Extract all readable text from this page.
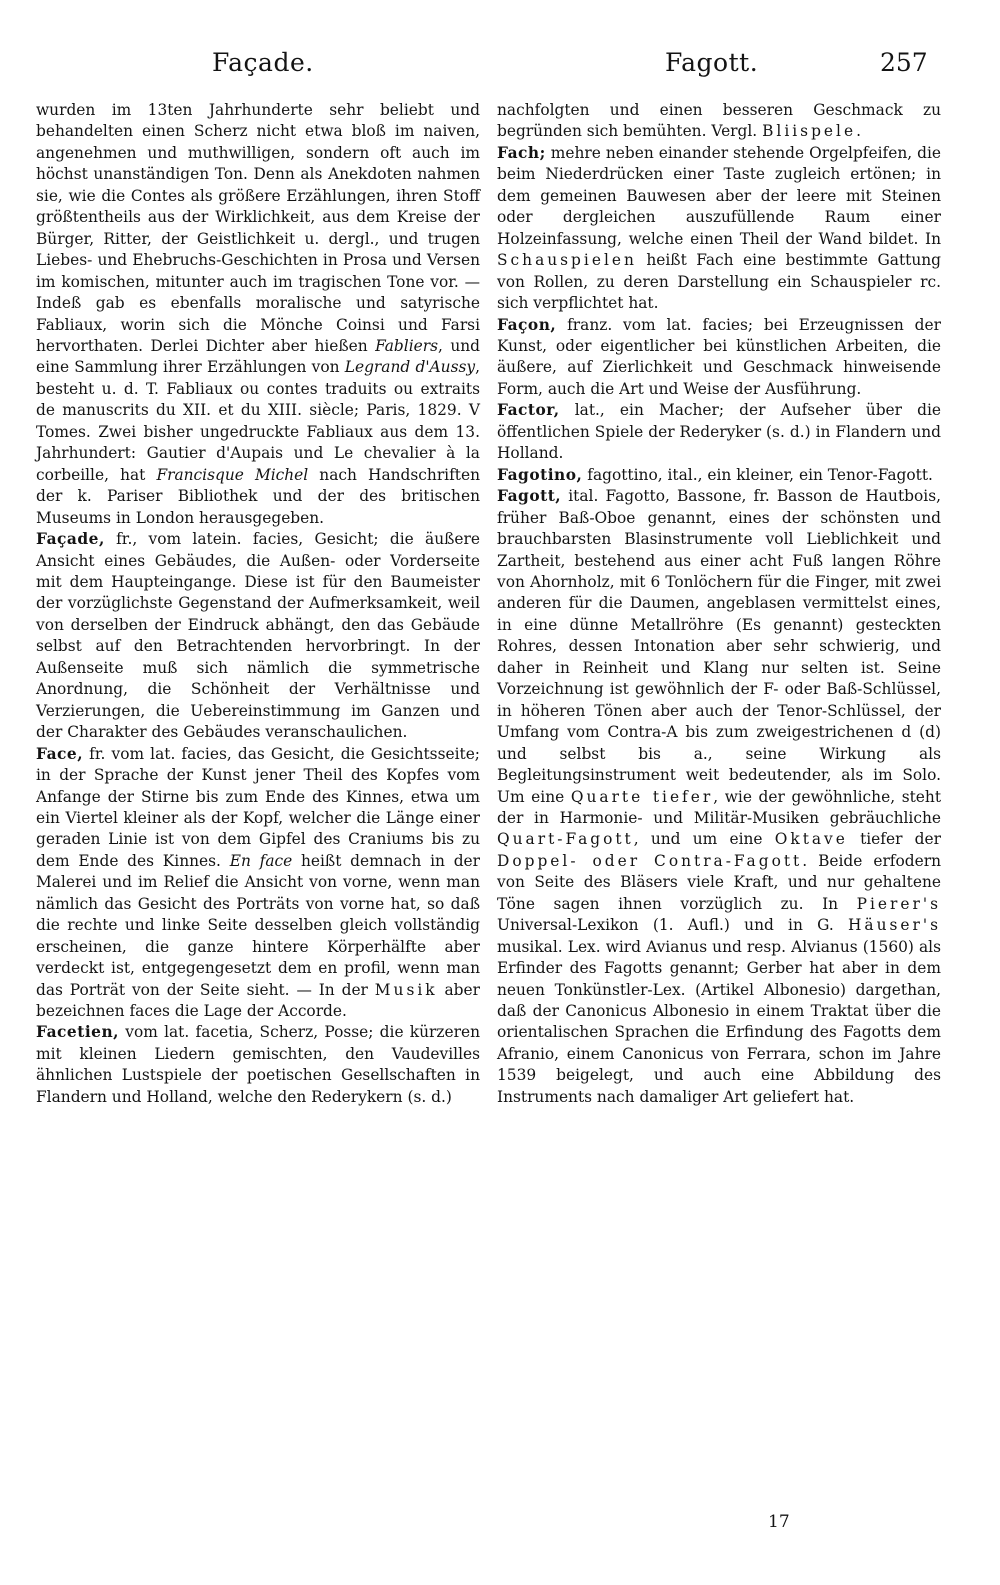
Façade.	Fagott.	257

wurden im 13ten Jahrhunderte sehr beliebt und behandelten einen Scherz nicht etwa bloß im naiven, angenehmen und muthwilligen, sondern oft auch im höchst unanständigen Ton. Denn als Anekdoten nahmen sie, wie die Contes als größere Erzählungen, ihren Stoff größtentheils aus der Wirklichkeit, aus dem Kreise der Bürger, Ritter, der Geistlichkeit u. dergl., und trugen Liebes- und Ehebruchs-Geschichten in Prosa und Versen im komischen, mitunter auch im tragischen Tone vor. — Indeß gab es ebenfalls moralische und satyrische Fabliaux, worin sich die Mönche Coinsi und Farsi hervorthaten. Derlei Dichter aber hießen Fabliers, und eine Sammlung ihrer Erzählungen von Legrand d'Aussy, besteht u. d. T. Fabliaux ou contes traduits ou extraits de manuscrits du XII. et du XIII. siècle; Paris, 1829. V Tomes. Zwei bisher ungedruckte Fabliaux aus dem 13. Jahrhundert: Gautier d'Aupais und Le chevalier à la corbeille, hat Francisque Michel nach Handschriften der k. Pariser Bibliothek und der des britischen Museums in London herausgegeben.

Façade, fr., vom latein. facies, Gesicht; die äußere Ansicht eines Gebäudes, die Außen- oder Vorderseite mit dem Haupteingange. Diese ist für den Baumeister der vorzüglichste Gegenstand der Aufmerksamkeit, weil von derselben der Eindruck abhängt, den das Gebäude selbst auf den Betrachtenden hervorbringt. In der Außenseite muß sich nämlich die symmetrische Anordnung, die Schönheit der Verhältnisse und Verzierungen, die Uebereinstimmung im Ganzen und der Charakter des Gebäudes veranschaulichen.

Face, fr. vom lat. facies, das Gesicht, die Gesichtsseite; in der Sprache der Kunst jener Theil des Kopfes vom Anfange der Stirne bis zum Ende des Kinnes, etwa um ein Viertel kleiner als der Kopf, welcher die Länge einer geraden Linie ist von dem Gipfel des Craniums bis zu dem Ende des Kinnes. En face heißt demnach in der Malerei und im Relief die Ansicht von vorne, wenn man nämlich das Gesicht des Porträts von vorne hat, so daß die rechte und linke Seite desselben gleich vollständig erscheinen, die ganze hintere Körperhälfte aber verdeckt ist, entgegengesetzt dem en profil, wenn man das Porträt von der Seite sieht. — In der Musik aber bezeichnen faces die Lage der Accorde.

Facetien, vom lat. facetia, Scherz, Posse; die kürzeren mit kleinen Liedern gemischten, den Vaudevilles ähnlichen Lustspiele der poetischen Gesellschaften in Flandern und Holland, welche den Rederykern (s. d.)

nachfolgten und einen besseren Geschmack zu begründen sich bemühten. Vergl. Bliispele.

Fach; mehre neben einander stehende Orgelpfeifen, die beim Niederdrücken einer Taste zugleich ertönen; in dem gemeinen Bauwesen aber der leere mit Steinen oder dergleichen auszufüllende Raum einer Holzeinfassung, welche einen Theil der Wand bildet. In Schauspielen heißt Fach eine bestimmte Gattung von Rollen, zu deren Darstellung ein Schauspieler rc. sich verpflichtet hat.

Façon, franz. vom lat. facies; bei Erzeugnissen der Kunst, oder eigentlicher bei künstlichen Arbeiten, die äußere, auf Zierlichkeit und Geschmack hinweisende Form, auch die Art und Weise der Ausführung.

Factor, lat., ein Macher; der Aufseher über die öffentlichen Spiele der Rederyker (s. d.) in Flandern und Holland.

Fagotino, fagottino, ital., ein kleiner, ein Tenor-Fagott.

Fagott, ital. Fagotto, Bassone, fr. Basson de Hautbois, früher Baß-Oboe genannt, eines der schönsten und brauchbarsten Blasinstrumente voll Lieblichkeit und Zartheit, bestehend aus einer acht Fuß langen Röhre von Ahornholz, mit 6 Tonlöchern für die Finger, mit zwei anderen für die Daumen, angeblasen vermittelst eines, in eine dünne Metallröhre (Es genannt) gesteckten Rohres, dessen Intonation aber sehr schwierig, und daher in Reinheit und Klang nur selten ist. Seine Vorzeichnung ist gewöhnlich der F- oder Baß-Schlüssel, in höheren Tönen aber auch der Tenor-Schlüssel, der Umfang vom Contra-A bis zum zweigestrichenen d (d) und selbst bis a., seine Wirkung als Begleitungsinstrument weit bedeutender, als im Solo. Um eine Quarte tiefer, wie der gewöhnliche, steht der in Harmonie- und Militär-Musiken gebräuchliche Quart-Fagott, und um eine Oktave tiefer der Doppel- oder Contra-Fagott. Beide erfodern von Seite des Bläsers viele Kraft, und nur gehaltene Töne sagen ihnen vorzüglich zu. In Pierer's Universal-Lexikon (1. Aufl.) und in G. Häuser's musikal. Lex. wird Avianus und resp. Alvianus (1560) als Erfinder des Fagotts genannt; Gerber hat aber in dem neuen Tonkünstler-Lex. (Artikel Albonesio) dargethan, daß der Canonicus Albonesio in einem Traktat über die orientalischen Sprachen die Erfindung des Fagotts dem Afranio, einem Canonicus von Ferrara, schon im Jahre 1539 beigelegt, und auch eine Abbildung des Instruments nach damaliger Art geliefert hat.

17
